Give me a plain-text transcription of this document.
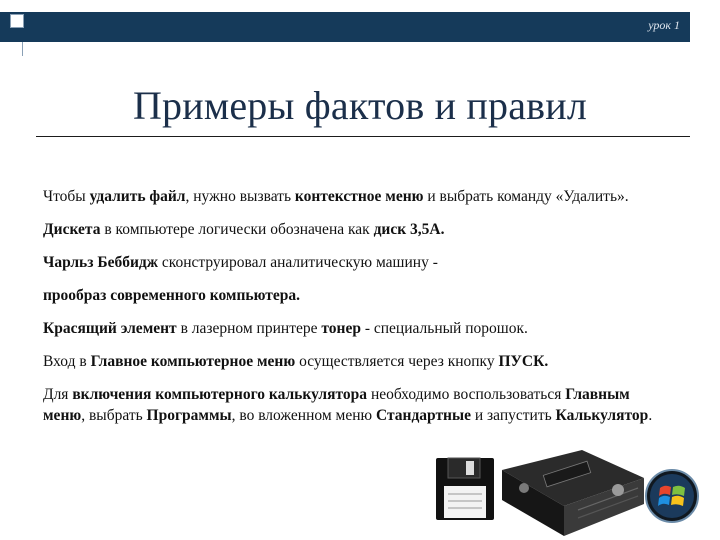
урок 1
Примеры фактов и правил

Чтобы удалить файл, нужно вызвать контекстное меню и выбрать команду «Удалить».

Дискета в компьютере логически обозначена как диск 3,5А.

Чарльз Беббидж сконструировал аналитическую машину -

прообраз современного компьютера.

Красящий элемент в лазерном принтере тонер - специальный порошок.

Вход в Главное компьютерное меню осуществляется через кнопку ПУСК.

Для включения компьютерного калькулятора необходимо воспользоваться Главным меню, выбрать Программы, во вложенном меню Стандартные и запустить Калькулятор.
